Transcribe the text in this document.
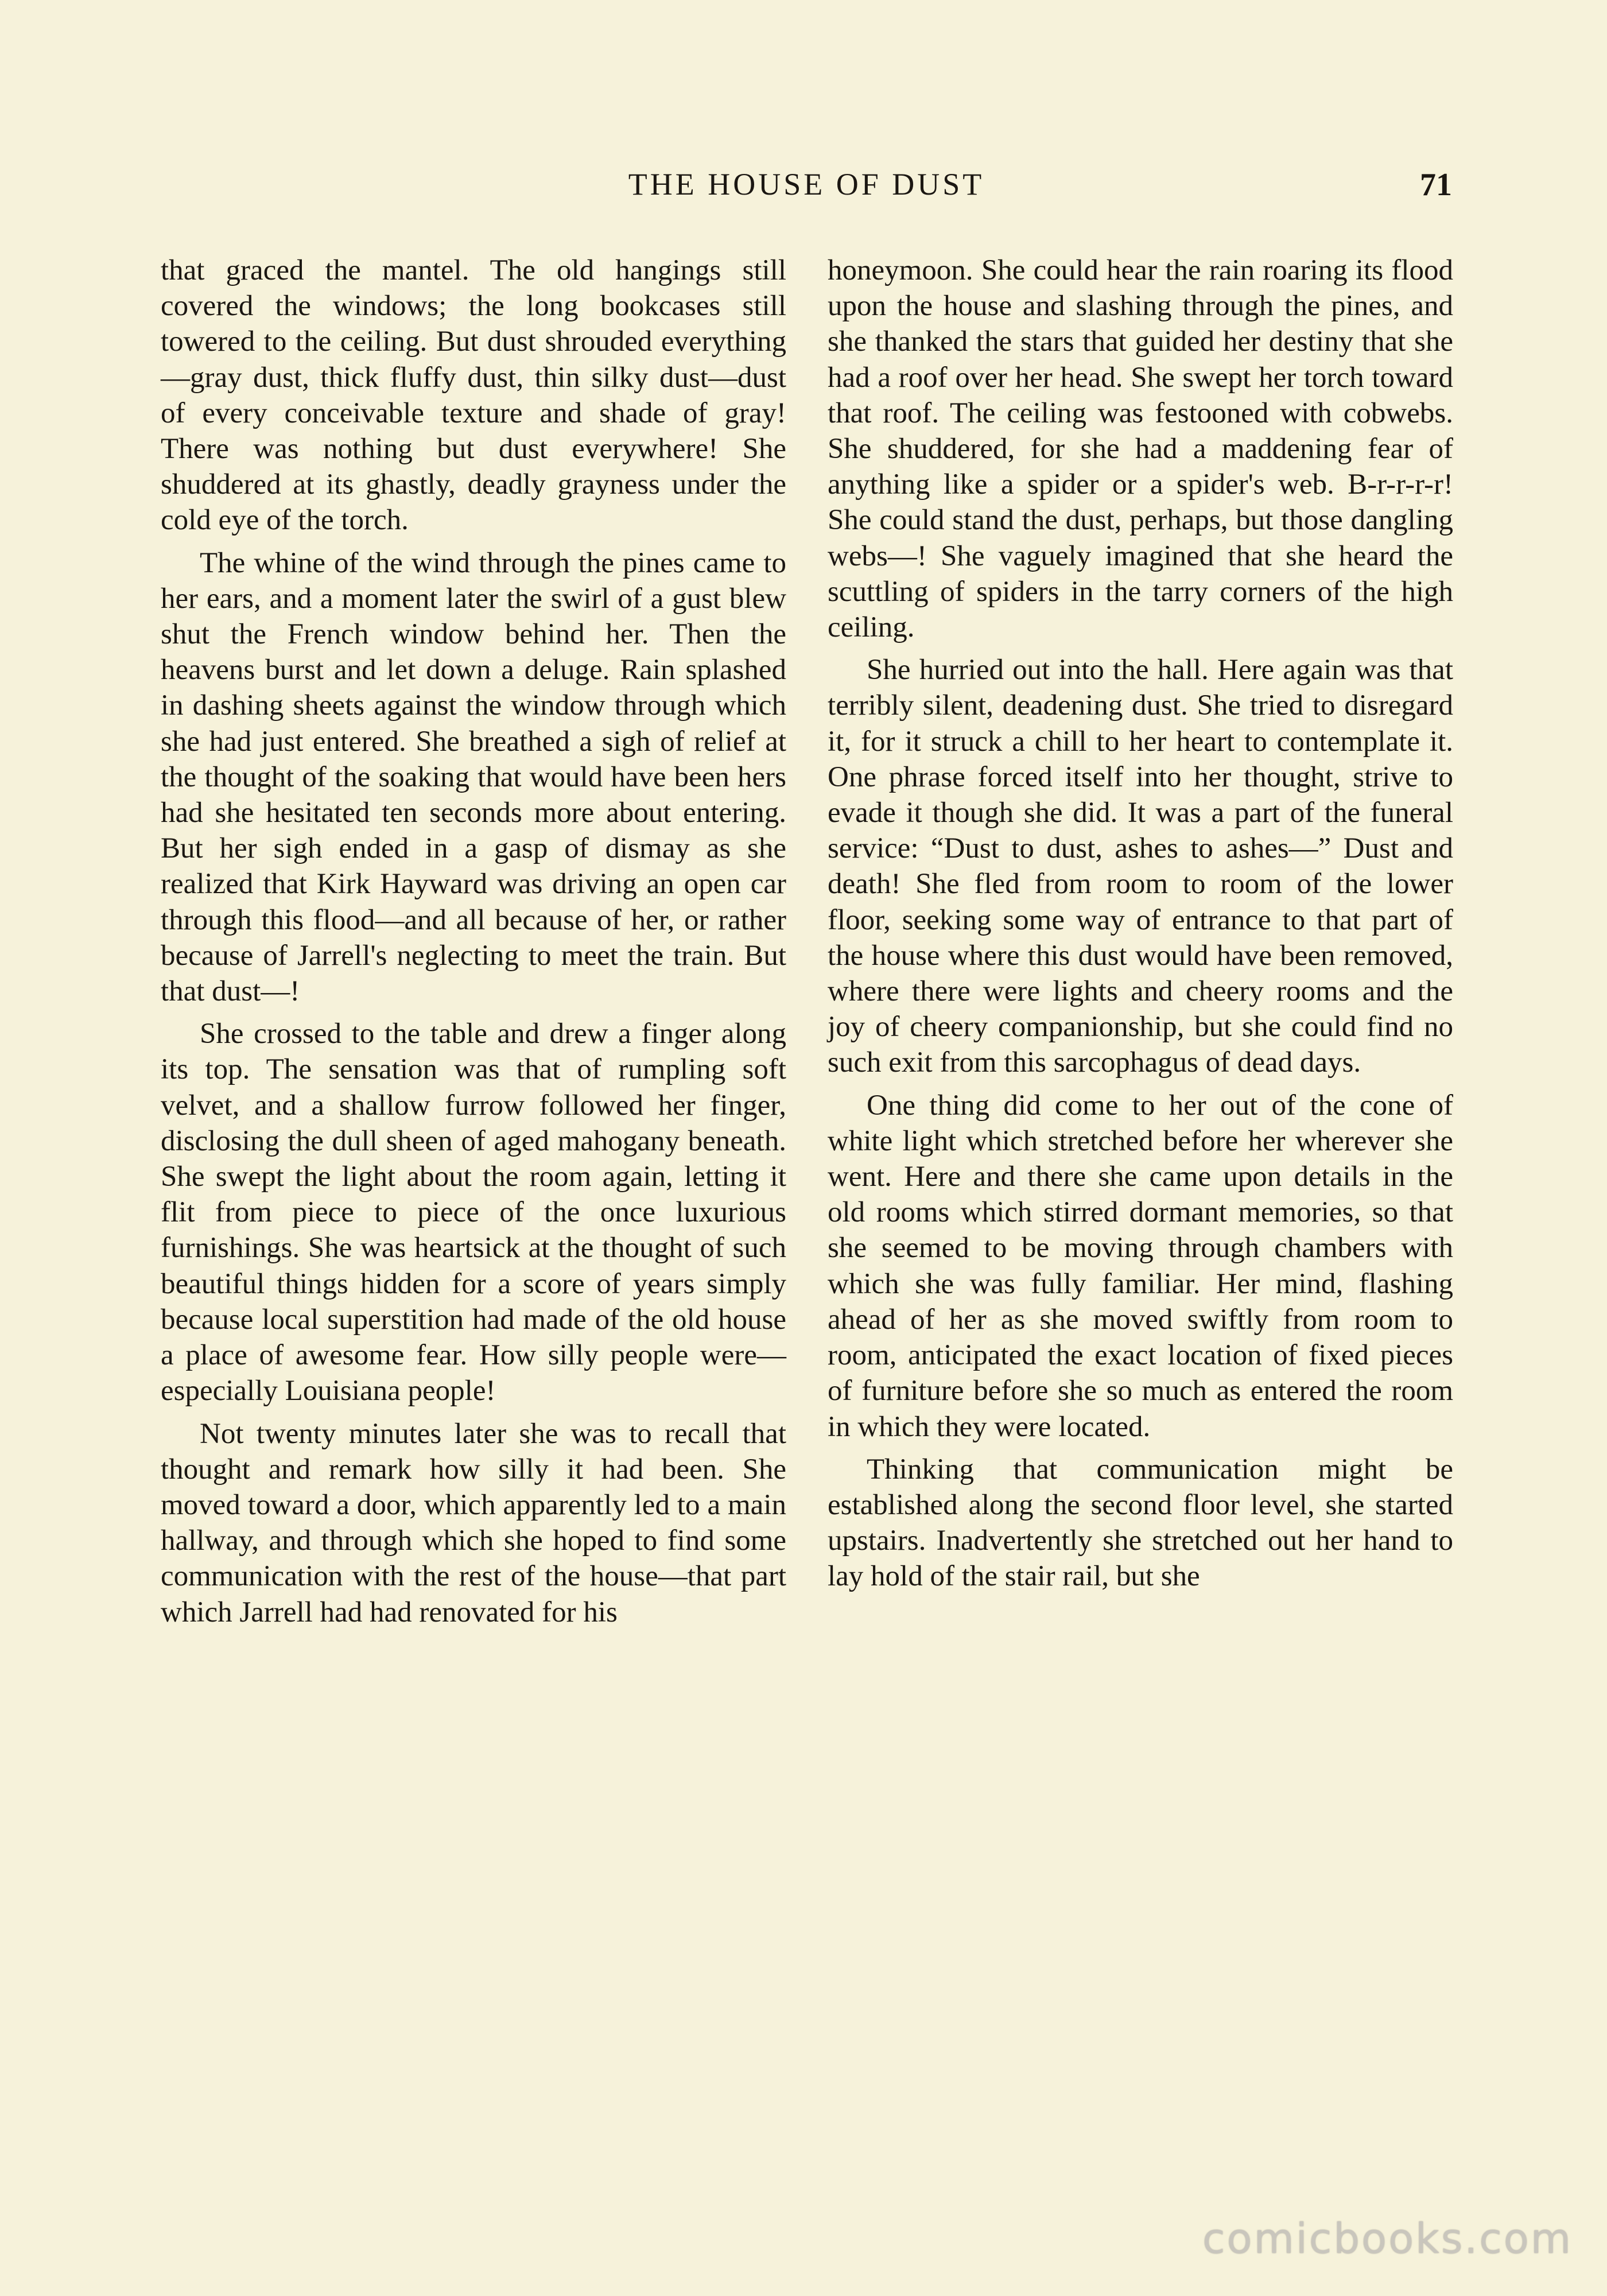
THE HOUSE OF DUST	71

that graced the mantel. The old hangings still covered the windows; the long bookcases still towered to the ceiling. But dust shrouded everything—gray dust, thick fluffy dust, thin silky dust—dust of every conceivable texture and shade of gray! There was nothing but dust everywhere! She shuddered at its ghastly, deadly grayness under the cold eye of the torch.

The whine of the wind through the pines came to her ears, and a moment later the swirl of a gust blew shut the French window behind her. Then the heavens burst and let down a deluge. Rain splashed in dashing sheets against the window through which she had just entered. She breathed a sigh of relief at the thought of the soaking that would have been hers had she hesitated ten seconds more about entering. But her sigh ended in a gasp of dismay as she realized that Kirk Hayward was driving an open car through this flood—and all because of her, or rather because of Jarrell's neglecting to meet the train. But that dust—!

She crossed to the table and drew a finger along its top. The sensation was that of rumpling soft velvet, and a shallow furrow followed her finger, disclosing the dull sheen of aged mahogany beneath. She swept the light about the room again, letting it flit from piece to piece of the once luxurious furnishings. She was heartsick at the thought of such beautiful things hidden for a score of years simply because local superstition had made of the old house a place of awesome fear. How silly people were—especially Louisiana people!

Not twenty minutes later she was to recall that thought and remark how silly it had been. She moved toward a door, which apparently led to a main hallway, and through which she hoped to find some communication with the rest of the house—that part which Jarrell had had renovated for his

honeymoon. She could hear the rain roaring its flood upon the house and slashing through the pines, and she thanked the stars that guided her destiny that she had a roof over her head. She swept her torch toward that roof. The ceiling was festooned with cobwebs. She shuddered, for she had a maddening fear of anything like a spider or a spider's web. B-r-r-r-r! She could stand the dust, perhaps, but those dangling webs—! She vaguely imagined that she heard the scuttling of spiders in the tarry corners of the high ceiling.

She hurried out into the hall. Here again was that terribly silent, deadening dust. She tried to disregard it, for it struck a chill to her heart to contemplate it. One phrase forced itself into her thought, strive to evade it though she did. It was a part of the funeral service: “Dust to dust, ashes to ashes—” Dust and death! She fled from room to room of the lower floor, seeking some way of entrance to that part of the house where this dust would have been removed, where there were lights and cheery rooms and the joy of cheery companionship, but she could find no such exit from this sarcophagus of dead days.

One thing did come to her out of the cone of white light which stretched before her wherever she went. Here and there she came upon details in the old rooms which stirred dormant memories, so that she seemed to be moving through chambers with which she was fully familiar. Her mind, flashing ahead of her as she moved swiftly from room to room, anticipated the exact location of fixed pieces of furniture before she so much as entered the room in which they were located.

Thinking that communication might be established along the second floor level, she started upstairs. Inadvertently she stretched out her hand to lay hold of the stair rail, but she

comicbooks.com
